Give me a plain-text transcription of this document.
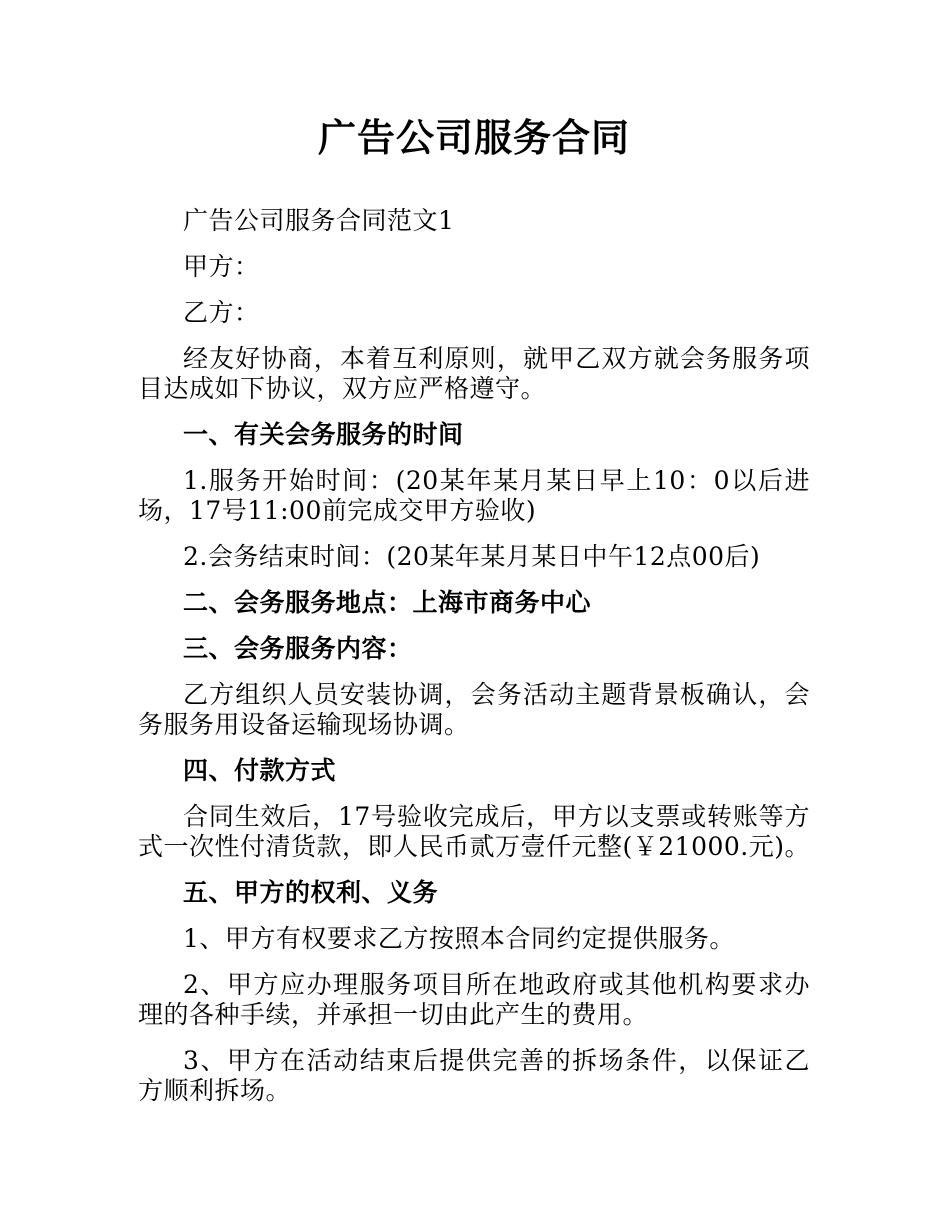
广告公司服务合同

广告公司服务合同范文1

甲方：

乙方：

经友好协商，本着互利原则，就甲乙双方就会务服务项目达成如下协议，双方应严格遵守。

一、有关会务服务的时间

1.服务开始时间：(20某年某月某日早上10：0以后进场，17号11:00前完成交甲方验收)

2.会务结束时间：(20某年某月某日中午12点00后)

二、会务服务地点：上海市商务中心

三、会务服务内容：

乙方组织人员安装协调，会务活动主题背景板确认，会务服务用设备运输现场协调。

四、付款方式

合同生效后，17号验收完成后，甲方以支票或转账等方式一次性付清货款，即人民币贰万壹仟元整(￥21000.元)。

五、甲方的权利、义务

1、甲方有权要求乙方按照本合同约定提供服务。

2、甲方应办理服务项目所在地政府或其他机构要求办理的各种手续，并承担一切由此产生的费用。

3、甲方在活动结束后提供完善的拆场条件，以保证乙方顺利拆场。
